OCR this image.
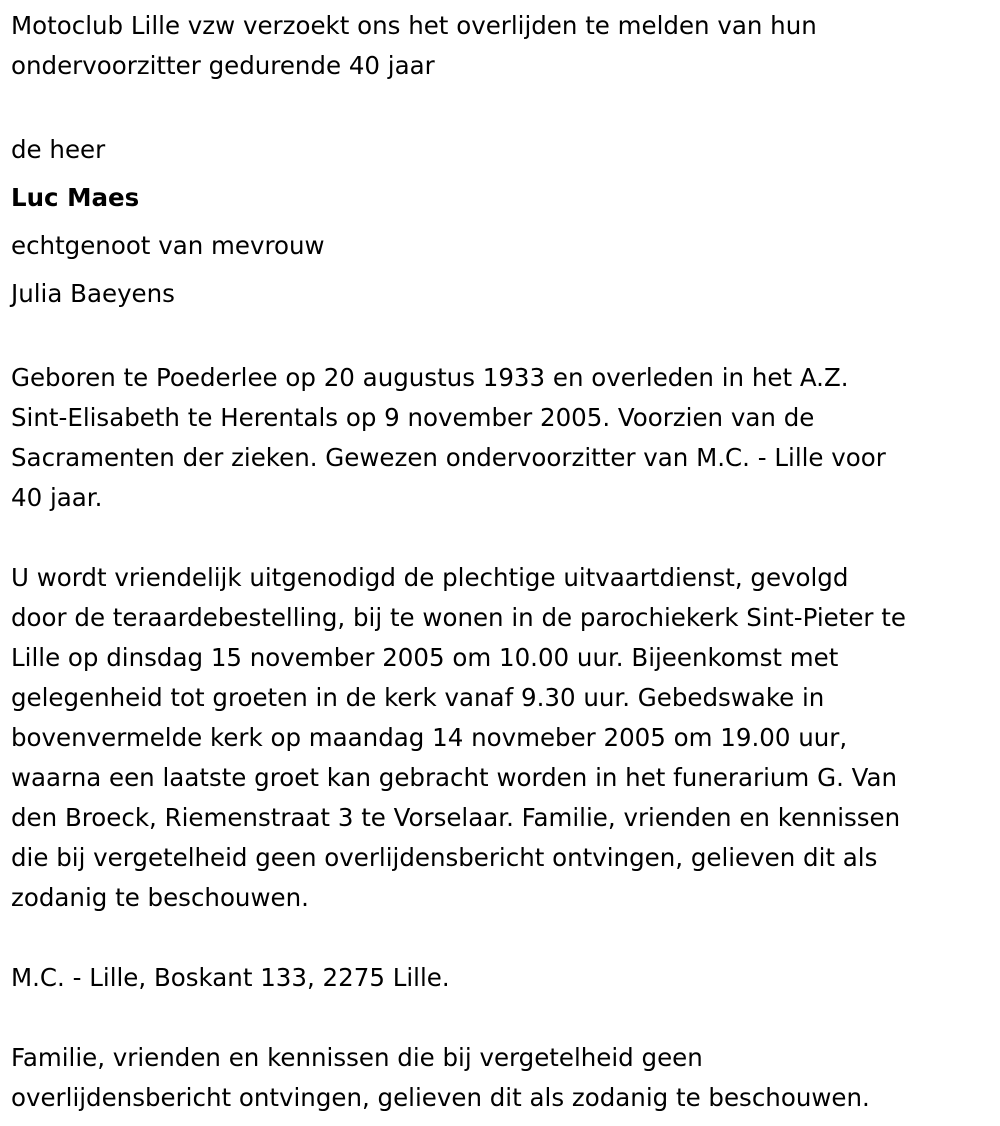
Motoclub Lille vzw verzoekt ons het overlijden te melden van hun

ondervoorzitter gedurende 40 jaar

de heer

Luc Maes

echtgenoot van mevrouw

Julia Baeyens

Geboren te Poederlee op 20 augustus 1933 en overleden in het A.Z.

Sint-Elisabeth te Herentals op 9 november 2005. Voorzien van de

Sacramenten der zieken. Gewezen ondervoorzitter van M.C. - Lille voor

40 jaar.

U wordt vriendelijk uitgenodigd de plechtige uitvaartdienst, gevolgd

door de teraardebestelling, bij te wonen in de parochiekerk Sint-Pieter te

Lille op dinsdag 15 november 2005 om 10.00 uur. Bijeenkomst met

gelegenheid tot groeten in de kerk vanaf 9.30 uur. Gebedswake in

bovenvermelde kerk op maandag 14 novmeber 2005 om 19.00 uur,

waarna een laatste groet kan gebracht worden in het funerarium G. Van

den Broeck, Riemenstraat 3 te Vorselaar. Familie, vrienden en kennissen

die bij vergetelheid geen overlijdensbericht ontvingen, gelieven dit als

zodanig te beschouwen.

M.C. - Lille, Boskant 133, 2275 Lille.

Familie, vrienden en kennissen die bij vergetelheid geen

overlijdensbericht ontvingen, gelieven dit als zodanig te beschouwen.
